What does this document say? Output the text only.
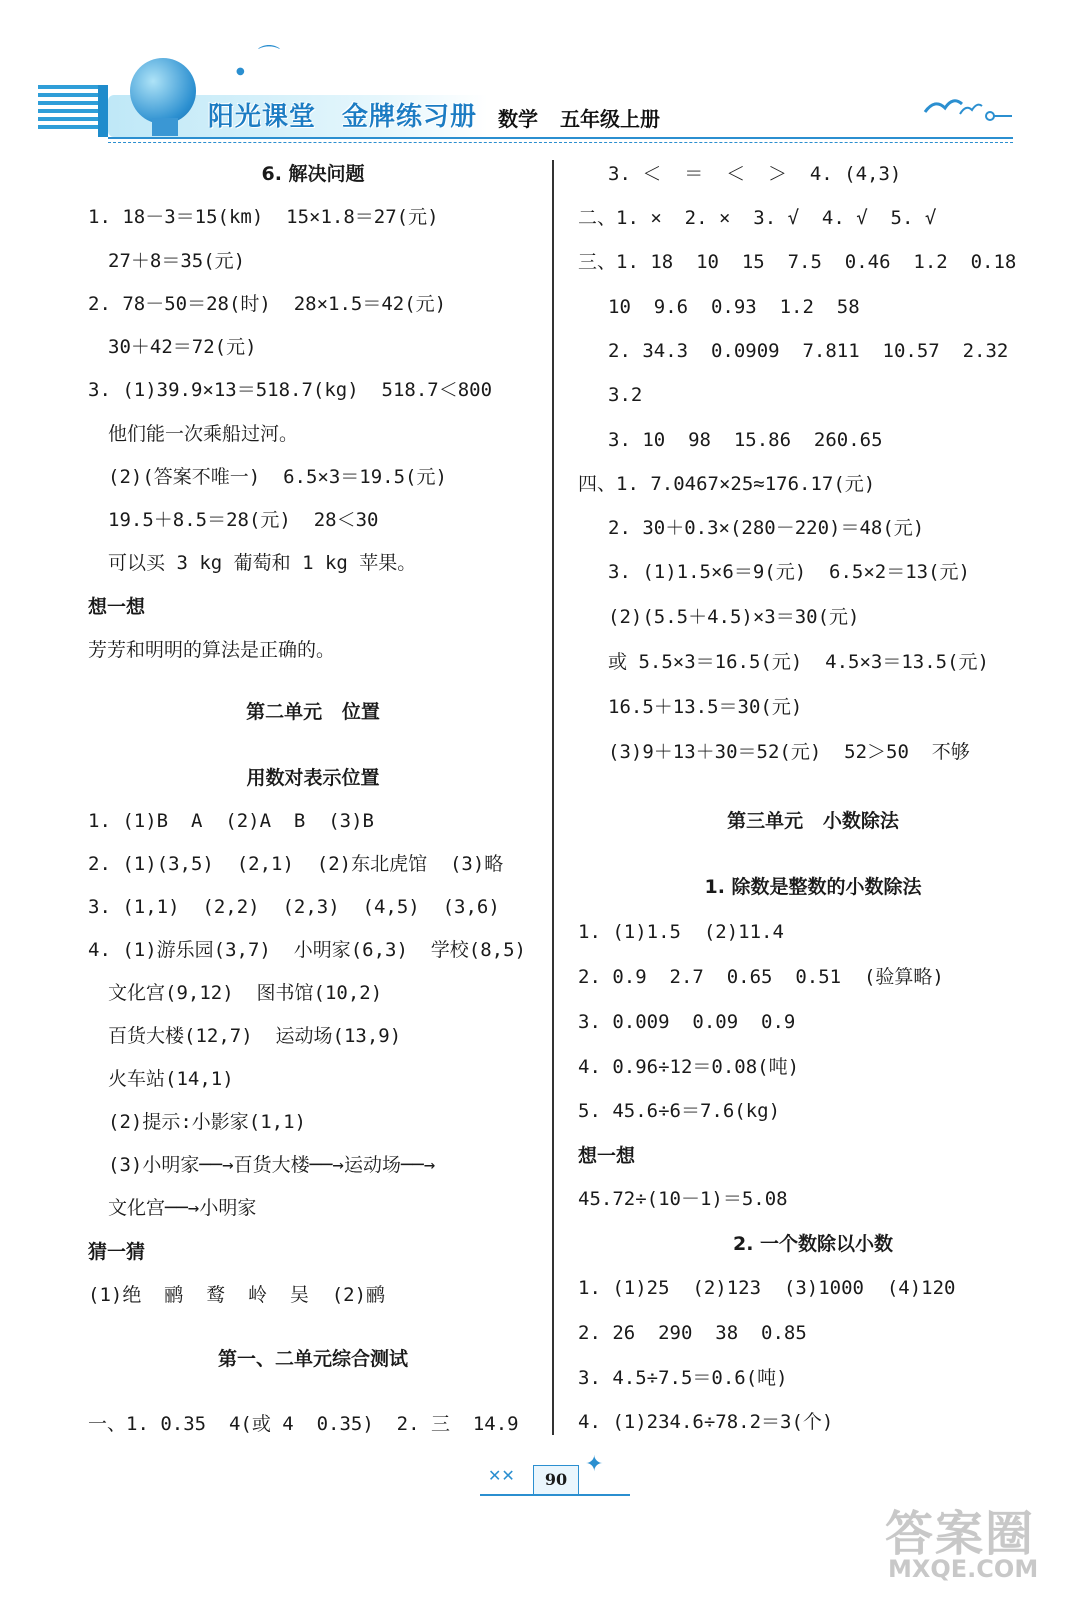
⌒
●
阳光课堂 金牌练习册	数学 五年级上册
6. 解决问题
1. 18－3＝15(km)  15×1.8＝27(元)
27＋8＝35(元)
2. 78－50＝28(时)  28×1.5＝42(元)
30＋42＝72(元)
3. (1)39.9×13＝518.7(kg)  518.7＜800
他们能一次乘船过河。
(2)(答案不唯一)  6.5×3＝19.5(元)
19.5＋8.5＝28(元)  28＜30
可以买 3 kg 葡萄和 1 kg 苹果。
想一想
芳芳和明明的算法是正确的。
第二单元   位置
用数对表示位置
1. (1)B  A  (2)A  B  (3)B
2. (1)(3,5)  (2,1)  (2)东北虎馆  (3)略
3. (1,1)  (2,2)  (2,3)  (4,5)  (3,6)
4. (1)游乐园(3,7)  小明家(6,3)  学校(8,5)
文化宫(9,12)  图书馆(10,2)
百货大楼(12,7)  运动场(13,9)
火车站(14,1)
(2)提示:小影家(1,1)
(3)小明家──→百货大楼──→运动场──→
文化宫──→小明家
猜一猜
(1)绝  鹂  鹜  岭  吴  (2)鹂
第一、二单元综合测试
一、1. 0.35  4(或 4  0.35)  2. 三  14.9
3. ＜  ＝  ＜  ＞  4. (4,3)
二、1. ×  2. ×  3. √  4. √  5. √
三、1. 18  10  15  7.5  0.46  1.2  0.18
10  9.6  0.93  1.2  58
2. 34.3  0.0909  7.811  10.57  2.32
3.2
3. 10  98  15.86  260.65
四、1. 7.0467×25≈176.17(元)
2. 30＋0.3×(280－220)＝48(元)
3. (1)1.5×6＝9(元)  6.5×2＝13(元)
(2)(5.5＋4.5)×3＝30(元)
或 5.5×3＝16.5(元)  4.5×3＝13.5(元)
16.5＋13.5＝30(元)
(3)9＋13＋30＝52(元)  52＞50  不够
第三单元   小数除法
1. 除数是整数的小数除法
1. (1)1.5  (2)11.4
2. 0.9  2.7  0.65  0.51  (验算略)
3. 0.009  0.09  0.9
4. 0.96÷12＝0.08(吨)
5. 45.6÷6＝7.6(kg)
想一想
45.72÷(10－1)＝5.08
2. 一个数除以小数
1. (1)25  (2)123  (3)1000  (4)120
2. 26  290  38  0.85
3. 4.5÷7.5＝0.6(吨)
4. (1)234.6÷78.2＝3(个)
✕✕	✦
90
答案圈
MXQE.COM
